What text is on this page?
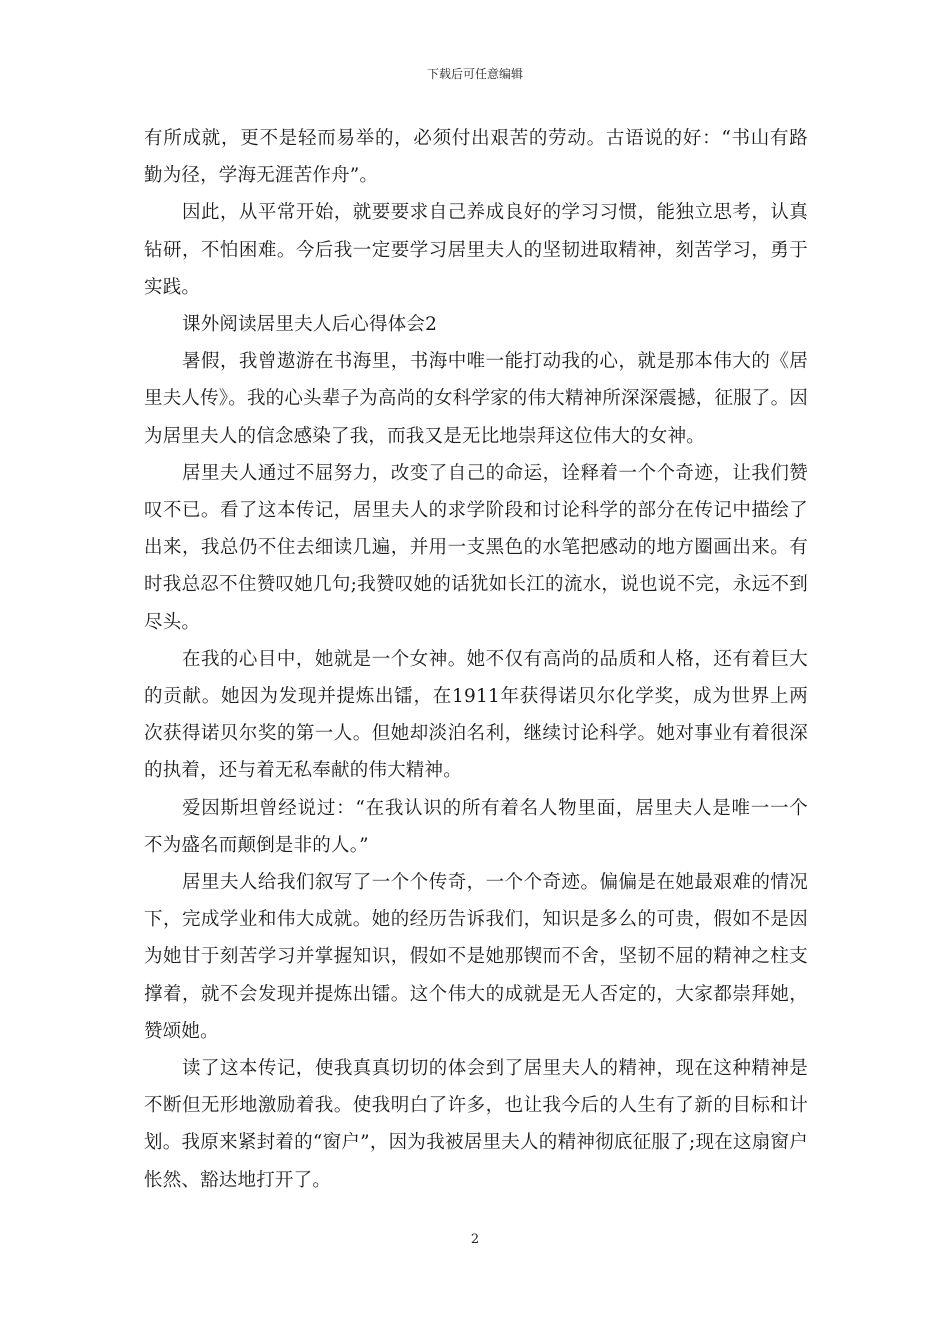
下载后可任意编辑

有所成就，更不是轻而易举的，必须付出艰苦的劳动。古语说的好：“书山有路勤为径，学海无涯苦作舟”。

因此，从平常开始，就要要求自己养成良好的学习习惯，能独立思考，认真钻研，不怕困难。今后我一定要学习居里夫人的坚韧进取精神，刻苦学习，勇于实践。

课外阅读居里夫人后心得体会2

暑假，我曾遨游在书海里，书海中唯一能打动我的心，就是那本伟大的《居里夫人传》。我的心头辈子为高尚的女科学家的伟大精神所深深震撼，征服了。因为居里夫人的信念感染了我，而我又是无比地崇拜这位伟大的女神。

居里夫人通过不屈努力，改变了自己的命运，诠释着一个个奇迹，让我们赞叹不已。看了这本传记，居里夫人的求学阶段和讨论科学的部分在传记中描绘了出来，我总仍不住去细读几遍，并用一支黑色的水笔把感动的地方圈画出来。有时我总忍不住赞叹她几句;我赞叹她的话犹如长江的流水，说也说不完，永远不到尽头。

在我的心目中，她就是一个女神。她不仅有高尚的品质和人格，还有着巨大的贡献。她因为发现并提炼出镭，在1911年获得诺贝尔化学奖，成为世界上两次获得诺贝尔奖的第一人。但她却淡泊名利，继续讨论科学。她对事业有着很深的执着，还与着无私奉献的伟大精神。

爱因斯坦曾经说过：“在我认识的所有着名人物里面，居里夫人是唯一一个不为盛名而颠倒是非的人。”

居里夫人给我们叙写了一个个传奇，一个个奇迹。偏偏是在她最艰难的情况下，完成学业和伟大成就。她的经历告诉我们，知识是多么的可贵，假如不是因为她甘于刻苦学习并掌握知识，假如不是她那锲而不舍，坚韧不屈的精神之柱支撑着，就不会发现并提炼出镭。这个伟大的成就是无人否定的，大家都崇拜她，赞颂她。

读了这本传记，使我真真切切的体会到了居里夫人的精神，现在这种精神是不断但无形地激励着我。使我明白了许多，也让我今后的人生有了新的目标和计划。我原来紧封着的“窗户”，因为我被居里夫人的精神彻底征服了;现在这扇窗户怅然、豁达地打开了。

2
